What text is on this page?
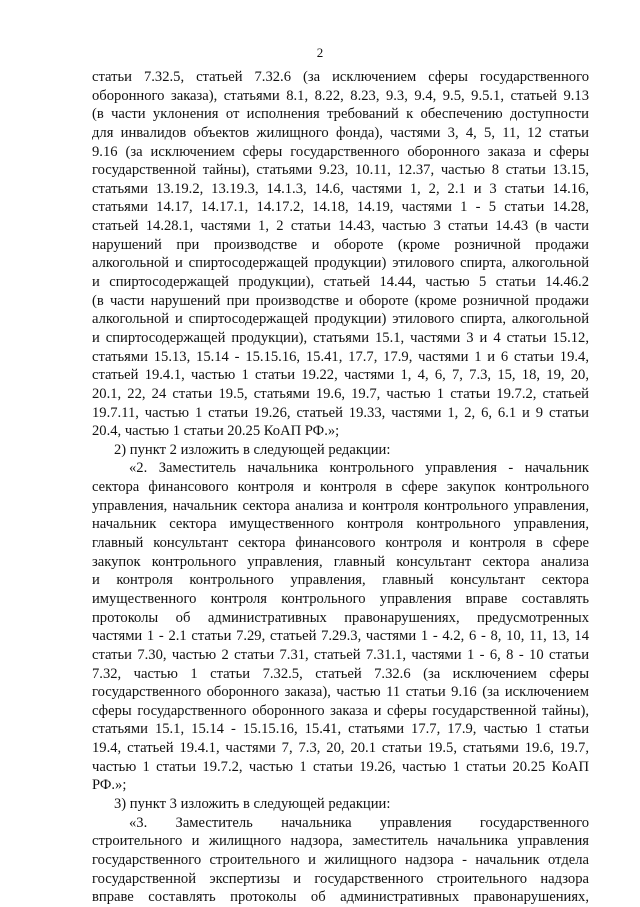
2
статьи 7.32.5, статьей 7.32.6 (за исключением сферы государственного
оборонного заказа), статьями 8.1, 8.22, 8.23, 9.3, 9.4, 9.5, 9.5.1, статьей 9.13
(в части уклонения от исполнения требований к обеспечению доступности
для инвалидов объектов жилищного фонда), частями 3, 4, 5, 11, 12 статьи
9.16 (за исключением сферы государственного оборонного заказа и сферы
государственной тайны), статьями 9.23, 10.11, 12.37, частью 8 статьи 13.15,
статьями 13.19.2, 13.19.3, 14.1.3, 14.6, частями 1, 2, 2.1 и 3 статьи 14.16,
статьями 14.17, 14.17.1, 14.17.2, 14.18, 14.19, частями 1 - 5 статьи 14.28,
статьей 14.28.1, частями 1, 2 статьи 14.43, частью 3 статьи 14.43 (в части
нарушений при производстве и обороте (кроме розничной продажи
алкогольной и спиртосодержащей продукции) этилового спирта, алкогольной
и спиртосодержащей продукции), статьей 14.44, частью 5 статьи 14.46.2
(в части нарушений при производстве и обороте (кроме розничной продажи
алкогольной и спиртосодержащей продукции) этилового спирта, алкогольной
и спиртосодержащей продукции), статьями 15.1, частями 3 и 4 статьи 15.12,
статьями 15.13, 15.14 - 15.15.16, 15.41, 17.7, 17.9, частями 1 и 6 статьи 19.4,
статьей 19.4.1, частью 1 статьи 19.22, частями 1, 4, 6, 7, 7.3, 15, 18, 19, 20,
20.1, 22, 24 статьи 19.5, статьями 19.6, 19.7, частью 1 статьи 19.7.2, статьей
19.7.11, частью 1 статьи 19.26, статьей 19.33, частями 1, 2, 6, 6.1 и 9 статьи
20.4, частью 1 статьи 20.25 КоАП РФ.»;
2) пункт 2 изложить в следующей редакции:
«2. Заместитель начальника контрольного управления - начальник
сектора финансового контроля и контроля в сфере закупок контрольного
управления, начальник сектора анализа и контроля контрольного управления,
начальник сектора имущественного контроля контрольного управления,
главный консультант сектора финансового контроля и контроля в сфере
закупок контрольного управления, главный консультант сектора анализа
и контроля контрольного управления, главный консультант сектора
имущественного контроля контрольного управления вправе составлять
протоколы об административных правонарушениях, предусмотренных
частями 1 - 2.1 статьи 7.29, статьей 7.29.3, частями 1 - 4.2, 6 - 8, 10, 11, 13, 14
статьи 7.30, частью 2 статьи 7.31, статьей 7.31.1, частями 1 - 6, 8 - 10 статьи
7.32, частью 1 статьи 7.32.5, статьей 7.32.6 (за исключением сферы
государственного оборонного заказа), частью 11 статьи 9.16 (за исключением
сферы государственного оборонного заказа и сферы государственной тайны),
статьями 15.1, 15.14 - 15.15.16, 15.41, статьями 17.7, 17.9, частью 1 статьи
19.4, статьей 19.4.1, частями 7, 7.3, 20, 20.1 статьи 19.5, статьями 19.6, 19.7,
частью 1 статьи 19.7.2, частью 1 статьи 19.26, частью 1 статьи 20.25 КоАП
РФ.»;
3) пункт 3 изложить в следующей редакции:
«3. Заместитель начальника управления государственного
строительного и жилищного надзора, заместитель начальника управления
государственного строительного и жилищного надзора - начальник отдела
государственной экспертизы и государственного строительного надзора
вправе составлять протоколы об административных правонарушениях,
